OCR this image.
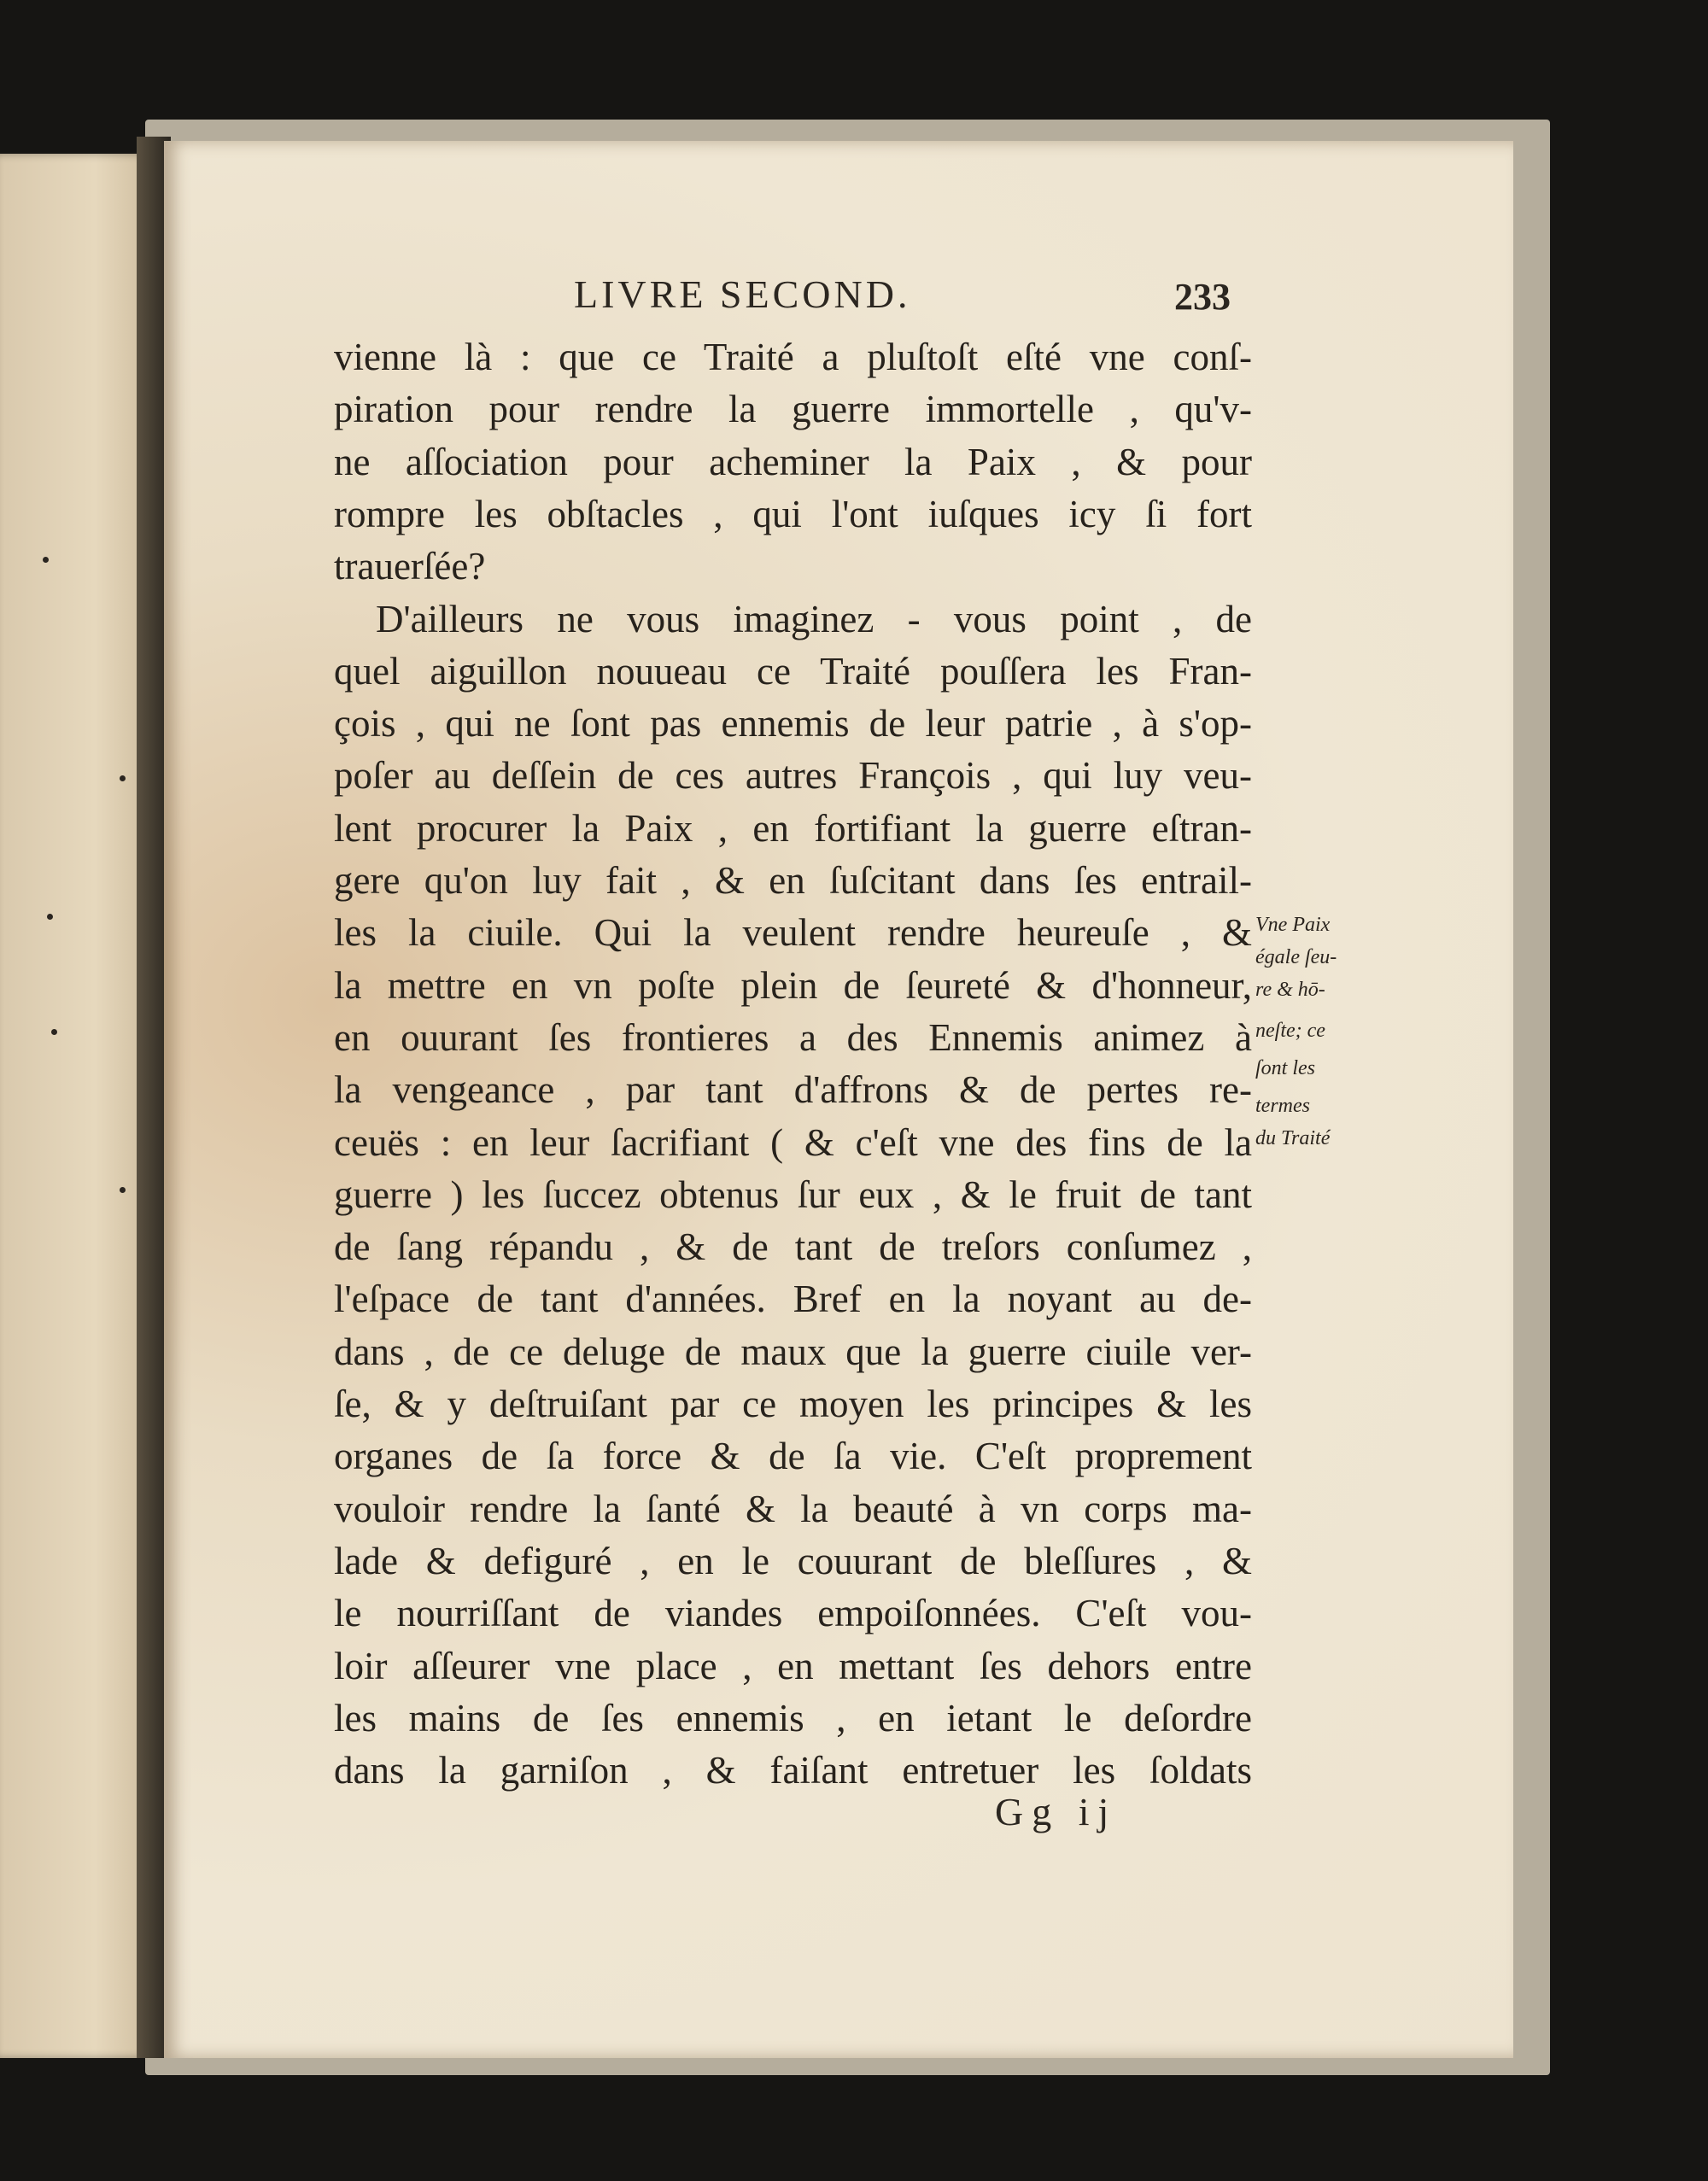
LIVRE SECOND.	233
vienne là : que ce Traité a pluſtoſt eſté vne conſ-
piration pour rendre la guerre immortelle , qu'v-
ne aſſociation pour acheminer la Paix , & pour
rompre les obſtacles , qui l'ont iuſques icy ſi fort
trauerſée?
D'ailleurs ne vous imaginez - vous point , de
quel aiguillon nouueau ce Traité pouſſera les Fran-
çois , qui ne ſont pas ennemis de leur patrie , à s'op-
poſer au deſſein de ces autres François , qui luy veu-
lent procurer la Paix , en fortifiant la guerre eſtran-
gere qu'on luy fait , & en ſuſcitant dans ſes entrail-
les la ciuile. Qui la veulent rendre heureuſe , &
la mettre en vn poſte plein de ſeureté & d'honneur,
en ouurant ſes frontieres a des Ennemis animez à
la vengeance , par tant d'affrons & de pertes re-
ceuës : en leur ſacrifiant ( & c'eſt vne des fins de la
guerre ) les ſuccez obtenus ſur eux , & le fruit de tant
de ſang répandu , & de tant de treſors conſumez ,
l'eſpace de tant d'années. Bref en la noyant au de-
dans , de ce deluge de maux que la guerre ciuile ver-
ſe, & y deſtruiſant par ce moyen les principes & les
organes de ſa force & de ſa vie. C'eſt proprement
vouloir rendre la ſanté & la beauté à vn corps ma-
lade & defiguré , en le couurant de bleſſures , &
le nourriſſant de viandes empoiſonnées. C'eſt vou-
loir aſſeurer vne place , en mettant ſes dehors entre
les mains de ſes ennemis , en ietant le deſordre
dans la garniſon , & faiſant entretuer les ſoldats
Vne Paix
égale ſeu-
re & hō-
neſte; ce
ſont les
termes
du Traité
Gg ij
